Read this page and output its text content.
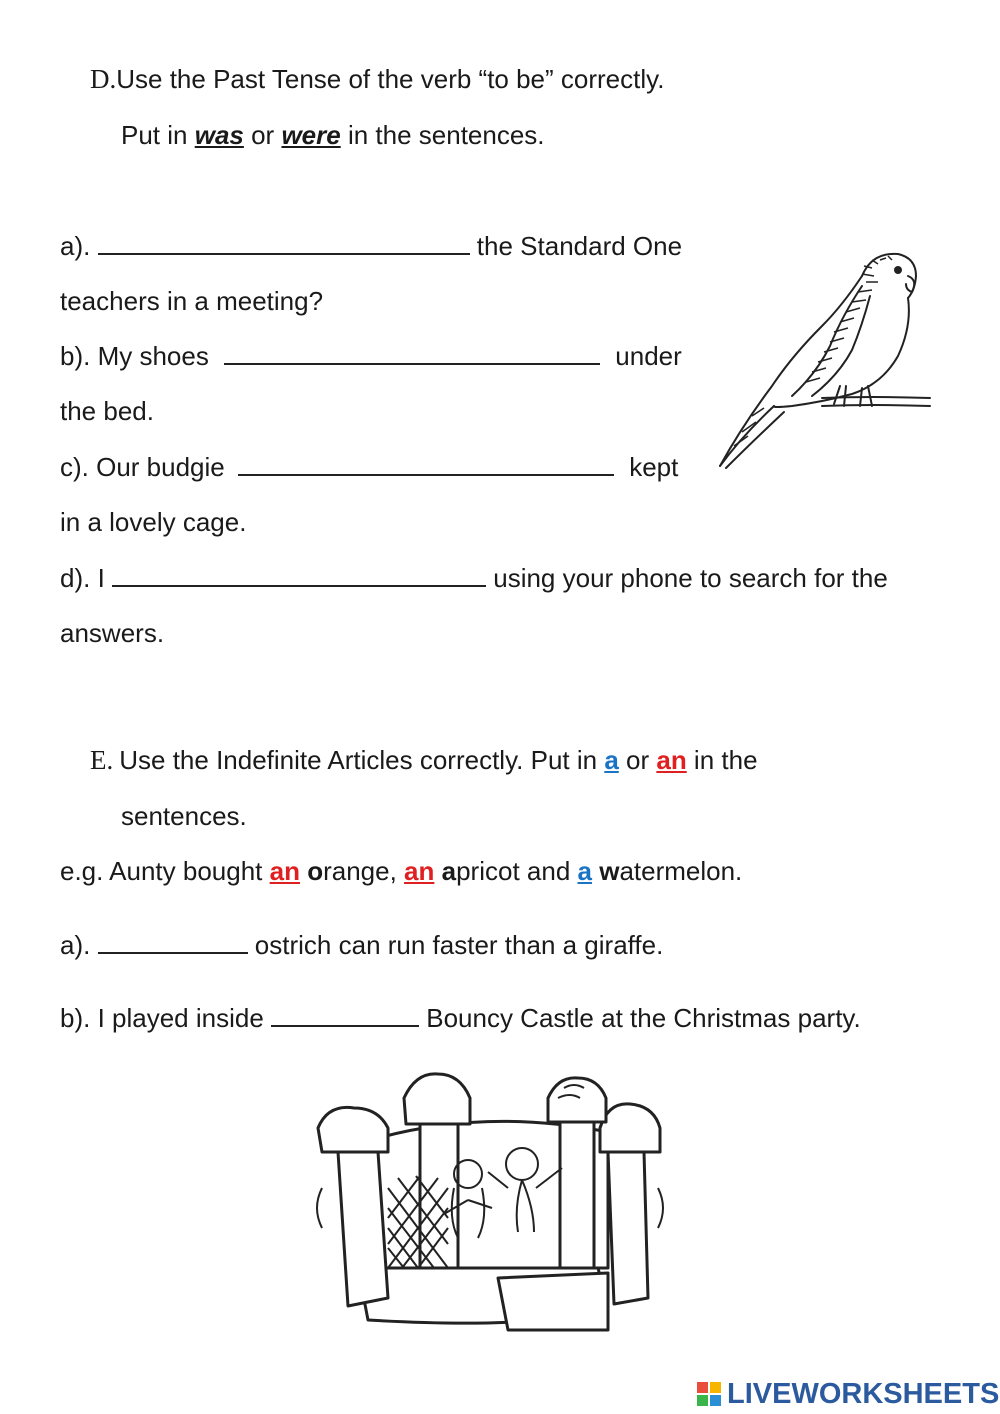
D.Use the Past Tense of the verb “to be” correctly.
Put in was or were in the sentences.
a).	the Standard One
teachers in a meeting?
b). My shoes	under
the bed.
c). Our budgie	kept
in a lovely cage.
d). I	using your phone to search for the
answers.
E. Use the Indefinite Articles correctly. Put in a or an in the
sentences.
e.g. Aunty bought an orange, an apricot and a watermelon.
a).	ostrich can run faster than a giraffe.
b). I played inside	Bouncy Castle at the Christmas party.
LIVEWORKSHEETS
